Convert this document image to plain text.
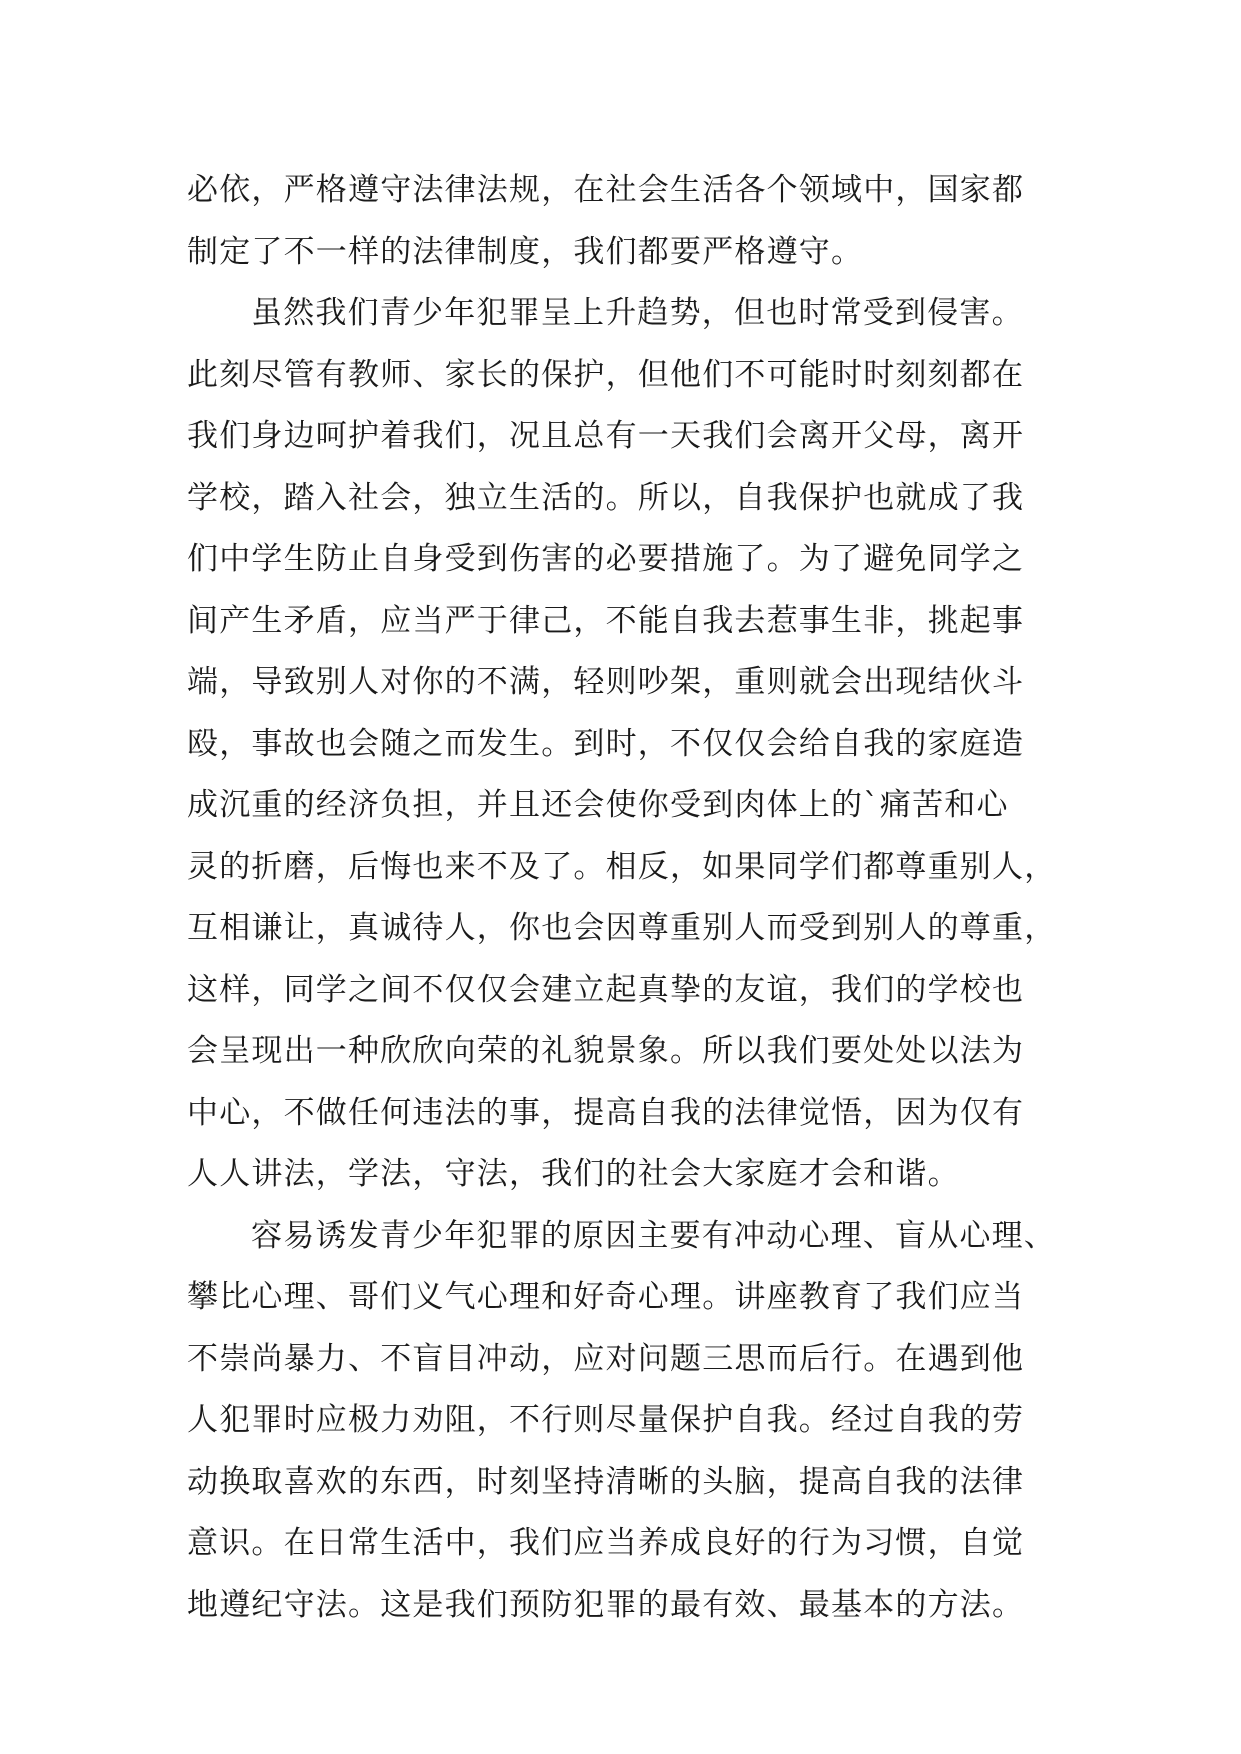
必依，严格遵守法律法规，在社会生活各个领域中，国家都
制定了不一样的法律制度，我们都要严格遵守。
虽然我们青少年犯罪呈上升趋势，但也时常受到侵害。
此刻尽管有教师、家长的保护，但他们不可能时时刻刻都在
我们身边呵护着我们，况且总有一天我们会离开父母，离开
学校，踏入社会，独立生活的。所以，自我保护也就成了我
们中学生防止自身受到伤害的必要措施了。为了避免同学之
间产生矛盾，应当严于律己，不能自我去惹事生非，挑起事
端，导致别人对你的不满，轻则吵架，重则就会出现结伙斗
殴，事故也会随之而发生。到时，不仅仅会给自我的家庭造
成沉重的经济负担，并且还会使你受到肉体上的`痛苦和心
灵的折磨，后悔也来不及了。相反，如果同学们都尊重别人，
互相谦让，真诚待人，你也会因尊重别人而受到别人的尊重，
这样，同学之间不仅仅会建立起真挚的友谊，我们的学校也
会呈现出一种欣欣向荣的礼貌景象。所以我们要处处以法为
中心，不做任何违法的事，提高自我的法律觉悟，因为仅有
人人讲法，学法，守法，我们的社会大家庭才会和谐。
容易诱发青少年犯罪的原因主要有冲动心理、盲从心理、
攀比心理、哥们义气心理和好奇心理。讲座教育了我们应当
不崇尚暴力、不盲目冲动，应对问题三思而后行。在遇到他
人犯罪时应极力劝阻，不行则尽量保护自我。经过自我的劳
动换取喜欢的东西，时刻坚持清晰的头脑，提高自我的法律
意识。在日常生活中，我们应当养成良好的行为习惯，自觉
地遵纪守法。这是我们预防犯罪的最有效、最基本的方法。
